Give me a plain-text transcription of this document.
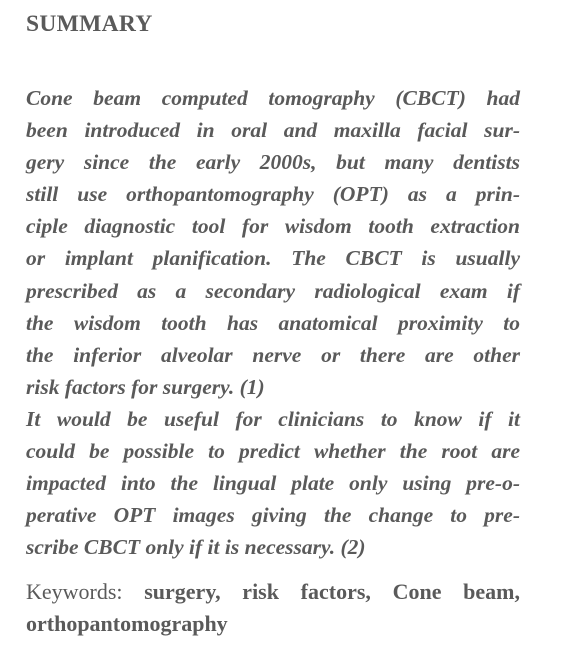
SUMMARY
Cone beam computed tomography (CBCT) had
been introduced in oral and maxilla facial sur-
gery since the early 2000s, but many dentists
still use orthopantomography (OPT) as a prin-
ciple diagnostic tool for wisdom tooth extraction
or implant planification. The CBCT is usually
prescribed as a secondary radiological exam if
the wisdom tooth has anatomical proximity to
the inferior alveolar nerve or there are other
risk factors for surgery. (1)
It would be useful for clinicians to know if it
could be possible to predict whether the root are
impacted into the lingual plate only using pre-o-
perative OPT images giving the change to pre-
scribe CBCT only if it is necessary. (2)
Keywords: surgery, risk factors, Cone beam,
orthopantomography
